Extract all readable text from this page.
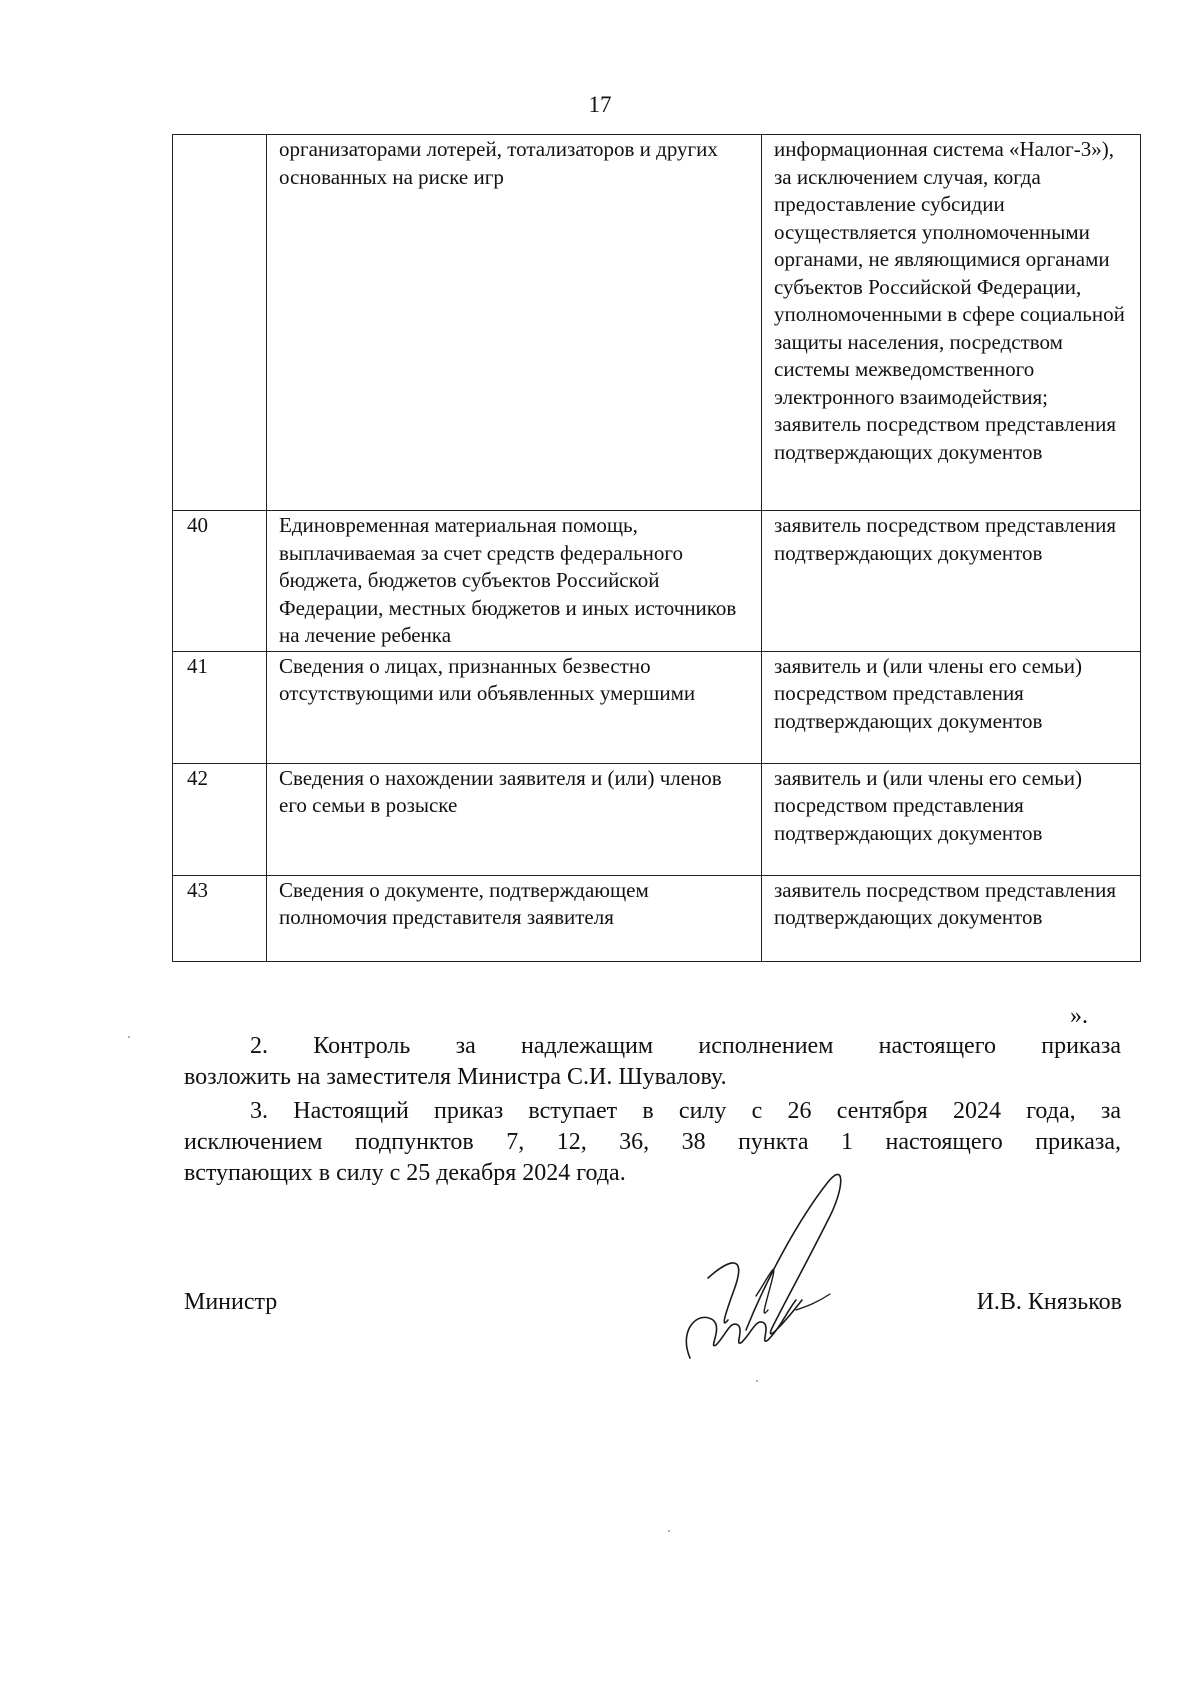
17
	организаторами лотерей, тотализаторов и других основанных на риске игр	информационная система «Налог-3»), за исключением случая, когда предоставление субсидии осуществляется уполномоченными органами, не являющимися органами субъектов Российской Федерации, уполномоченными в сфере социальной защиты населения, посредством системы межведомственного электронного взаимодействия; заявитель посредством представления подтверждающих документов
40	Единовременная материальная помощь, выплачиваемая за счет средств федерального бюджета, бюджетов субъектов Российской Федерации, местных бюджетов и иных источников на лечение ребенка	заявитель посредством представления подтверждающих документов
41	Сведения о лицах, признанных безвестно отсутствующими или объявленных умершими	заявитель и (или члены его семьи) посредством представления подтверждающих документов
42	Сведения о нахождении заявителя и (или) членов его семьи в розыске	заявитель и (или члены его семьи) посредством представления подтверждающих документов
43	Сведения о документе, подтверждающем полномочия представителя заявителя	заявитель посредством представления подтверждающих документов
».
2. Контроль за надлежащим исполнением настоящего приказа
возложить на заместителя Министра С.И. Шувалову.
3. Настоящий приказ вступает в силу с 26 сентября 2024 года, за
исключением подпунктов 7, 12, 36, 38 пункта 1 настоящего приказа,
вступающих в силу с 25 декабря 2024 года.
Министр	И.В. Князьков
